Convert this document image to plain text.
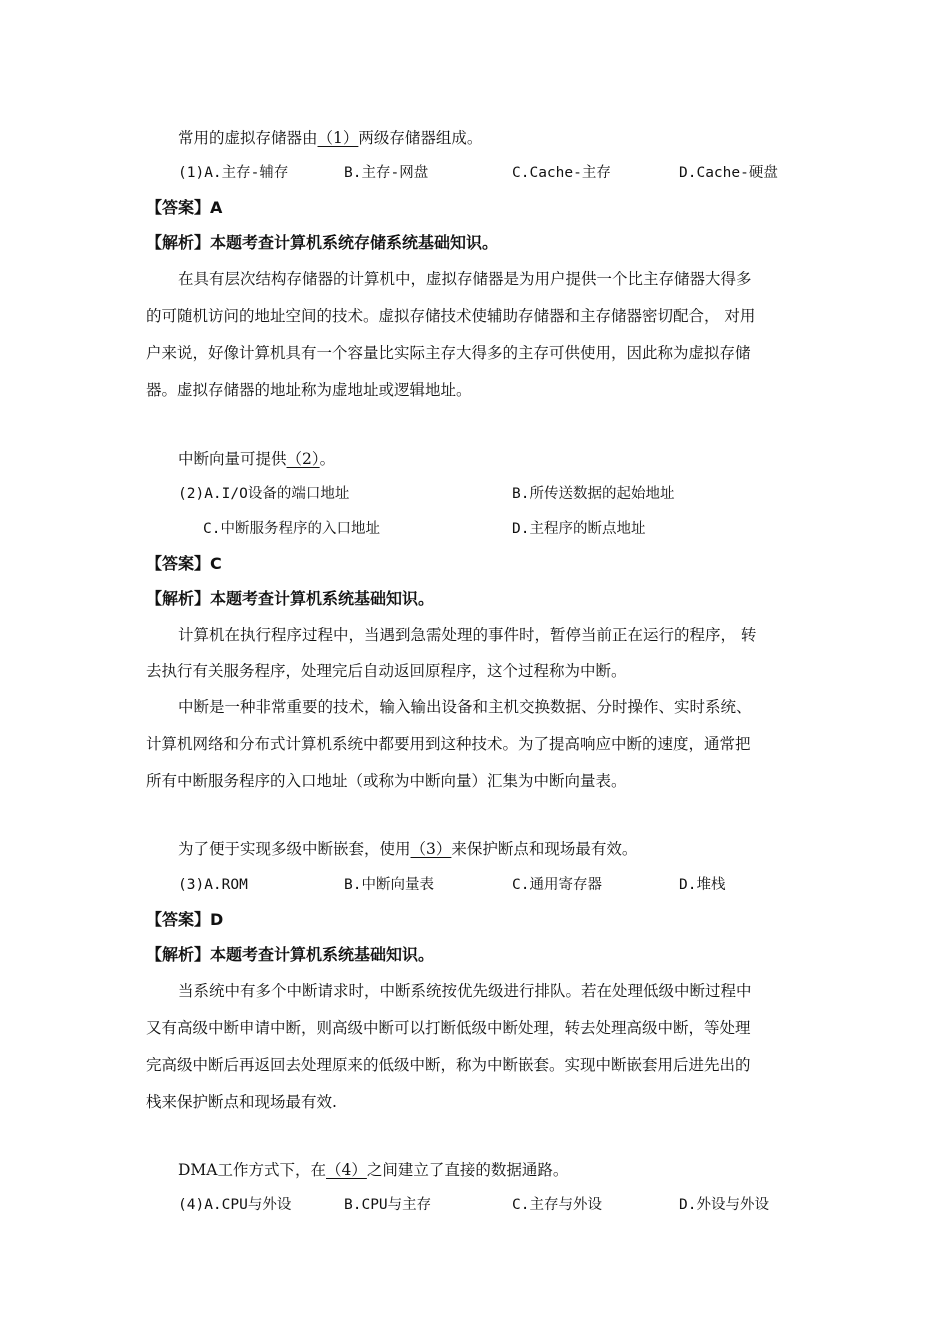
常用的虚拟存储器由（1）两级存储器组成。
(1)A.主存-辅存	B.主存-网盘	C.Cache-主存	D.Cache-硬盘
【答案】A
【解析】本题考查计算机系统存储系统基础知识。
在具有层次结构存储器的计算机中，虚拟存储器是为用户提供一个比主存储器大得多
的可随机访问的地址空间的技术。虚拟存储技术使辅助存储器和主存储器密切配合， 对用
户来说，好像计算机具有一个容量比实际主存大得多的主存可供使用，因此称为虚拟存储
器。虚拟存储器的地址称为虚地址或逻辑地址。
中断向量可提供（2）。
(2)A.I/O设备的端口地址	B.所传送数据的起始地址
C.中断服务程序的入口地址	D.主程序的断点地址
【答案】C
【解析】本题考查计算机系统基础知识。
计算机在执行程序过程中，当遇到急需处理的事件时，暂停当前正在运行的程序， 转
去执行有关服务程序，处理完后自动返回原程序，这个过程称为中断。
中断是一种非常重要的技术，输入输出设备和主机交换数据、分时操作、实时系统、
计算机网络和分布式计算机系统中都要用到这种技术。为了提高响应中断的速度，通常把
所有中断服务程序的入口地址（或称为中断向量）汇集为中断向量表。
为了便于实现多级中断嵌套，使用（3）来保护断点和现场最有效。
(3)A.ROM	B.中断向量表	C.通用寄存器	D.堆栈
【答案】D
【解析】本题考查计算机系统基础知识。
当系统中有多个中断请求时，中断系统按优先级进行排队。若在处理低级中断过程中
又有高级中断申请中断，则高级中断可以打断低级中断处理，转去处理高级中断，等处理
完高级中断后再返回去处理原来的低级中断，称为中断嵌套。实现中断嵌套用后进先出的
栈来保护断点和现场最有效.
DMA工作方式下，在（4）之间建立了直接的数据通路。
(4)A.CPU与外设	B.CPU与主存	C.主存与外设	D.外设与外设
